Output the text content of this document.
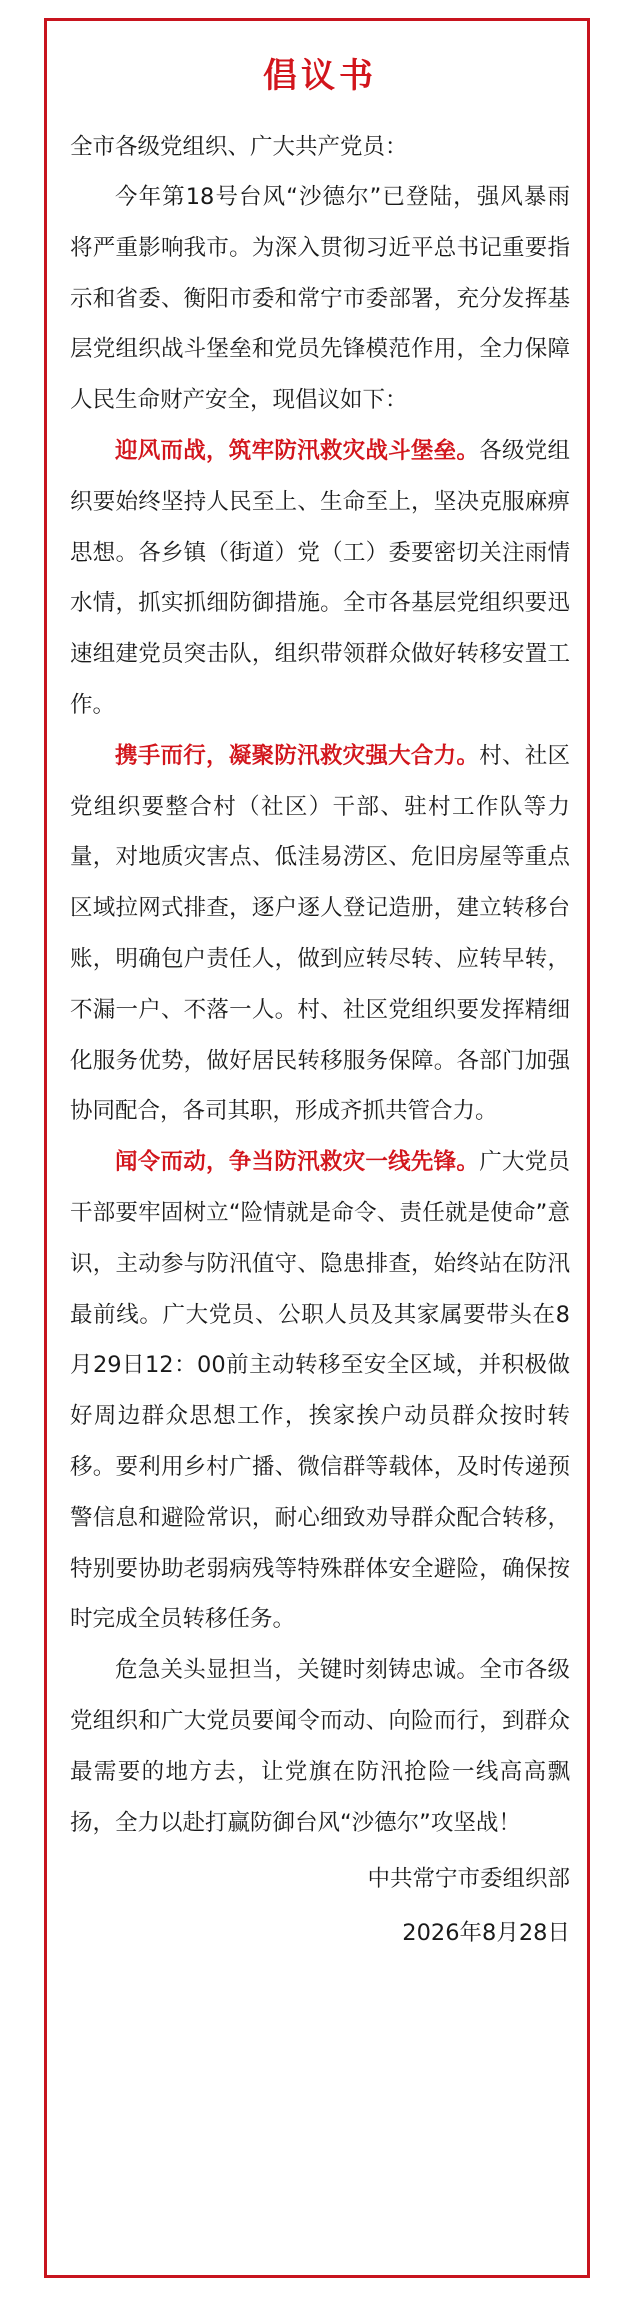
倡议书
全市各级党组织、广大共产党员：

今年第18号台风“沙德尔”已登陆，强风暴雨将严重影响我市。为深入贯彻习近平总书记重要指示和省委、衡阳市委和常宁市委部署，充分发挥基层党组织战斗堡垒和党员先锋模范作用，全力保障人民生命财产安全，现倡议如下：

迎风而战，筑牢防汛救灾战斗堡垒。各级党组织要始终坚持人民至上、生命至上，坚决克服麻痹思想。各乡镇（街道）党（工）委要密切关注雨情水情，抓实抓细防御措施。全市各基层党组织要迅速组建党员突击队，组织带领群众做好转移安置工作。

携手而行，凝聚防汛救灾强大合力。村、社区党组织要整合村（社区）干部、驻村工作队等力量，对地质灾害点、低洼易涝区、危旧房屋等重点区域拉网式排查，逐户逐人登记造册，建立转移台账，明确包户责任人，做到应转尽转、应转早转，不漏一户、不落一人。村、社区党组织要发挥精细化服务优势，做好居民转移服务保障。各部门加强协同配合，各司其职，形成齐抓共管合力。

闻令而动，争当防汛救灾一线先锋。广大党员干部要牢固树立“险情就是命令、责任就是使命”意识，主动参与防汛值守、隐患排查，始终站在防汛最前线。广大党员、公职人员及其家属要带头在8月29日12：00前主动转移至安全区域，并积极做好周边群众思想工作，挨家挨户动员群众按时转移。要利用乡村广播、微信群等载体，及时传递预警信息和避险常识，耐心细致劝导群众配合转移，特别要协助老弱病残等特殊群体安全避险，确保按时完成全员转移任务。

危急关头显担当，关键时刻铸忠诚。全市各级党组织和广大党员要闻令而动、向险而行，到群众最需要的地方去，让党旗在防汛抢险一线高高飘扬，全力以赴打赢防御台风“沙德尔”攻坚战！

中共常宁市委组织部
2026年8月28日
